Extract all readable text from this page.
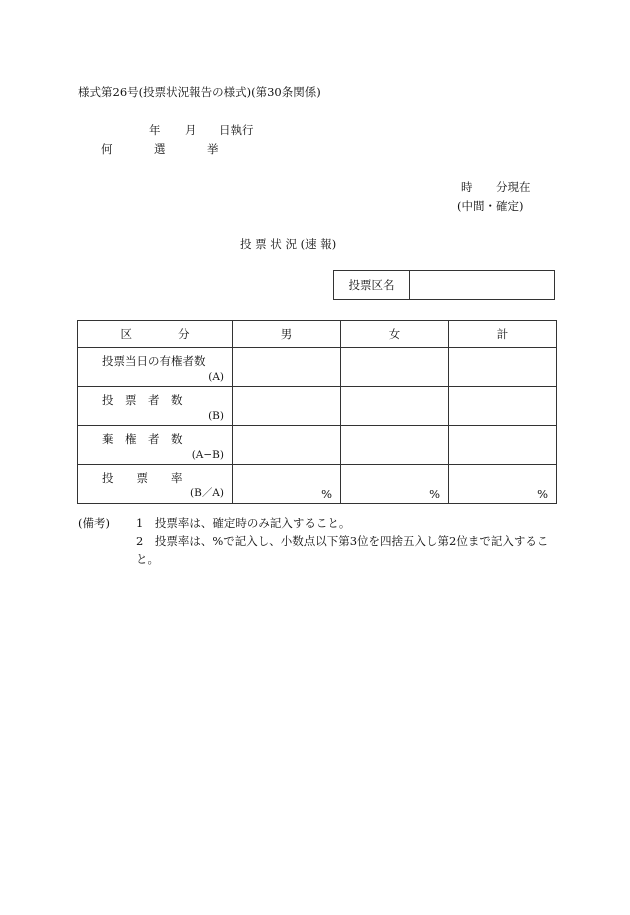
様式第26号(投票状況報告の様式)(第30条関係)
年 月 日執行
何	選	挙
時 分現在
(中間・確定)
投 票 状 況 (速 報)
投票区名
区　　　　分	男	女	計

投票当日の有権者数
(A)			

投　票　者　数
(B)			

棄　権　者　数
(A−B)			

投　　票　　率
(B／A)	%	%	%
(備考) 1　投票率は、確定時のみ記入すること。
2　投票率は、%で記入し、小数点以下第3位を四捨五入し第2位まで記入するこ
と。
